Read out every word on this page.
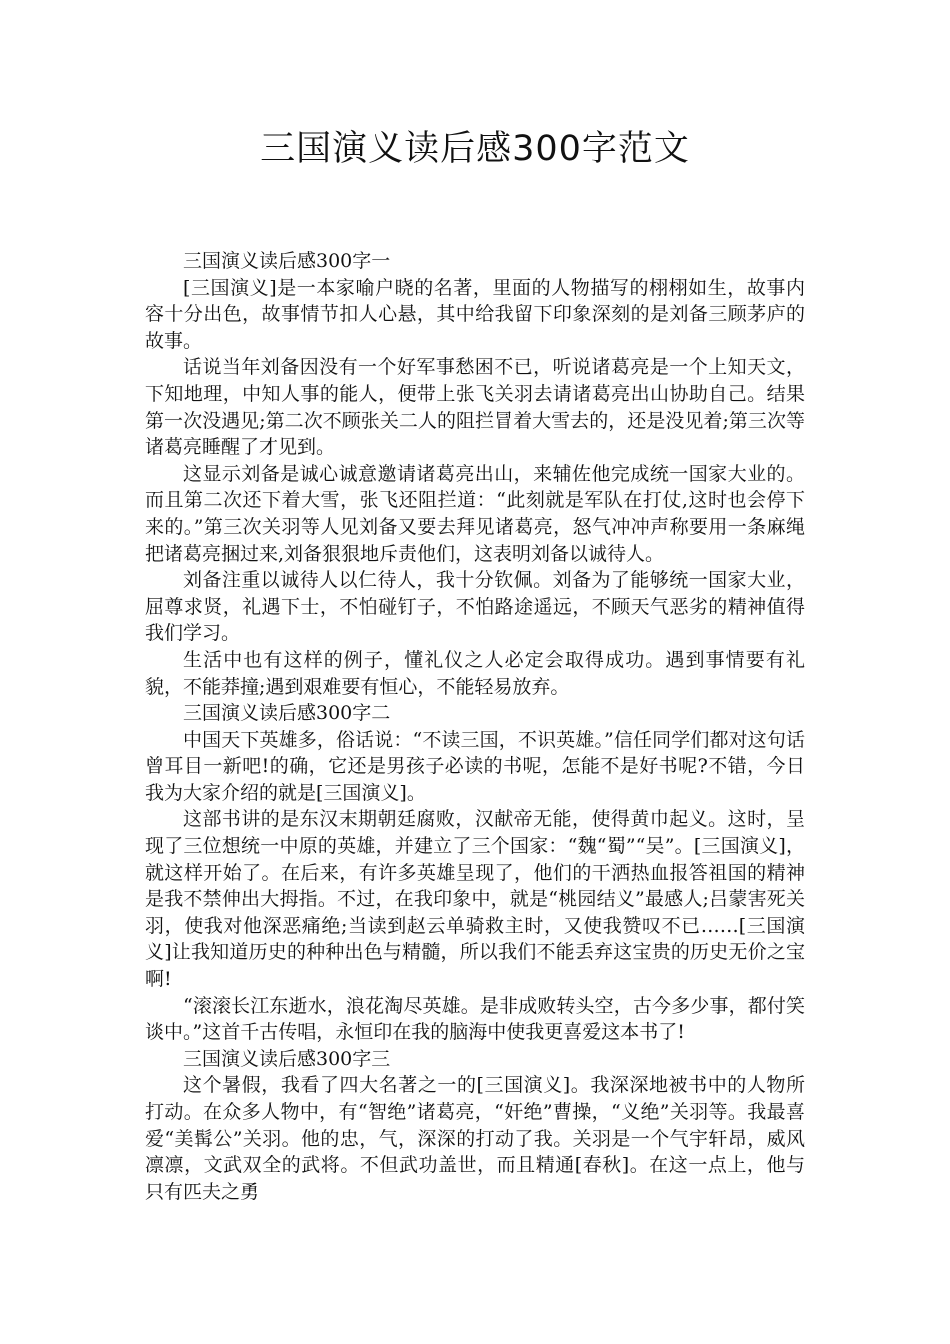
三国演义读后感300字范文

三国演义读后感300字一

[三国演义]是一本家喻户晓的名著，里面的人物描写的栩栩如生，故事内容十分出色，故事情节扣人心悬，其中给我留下印象深刻的是刘备三顾茅庐的故事。

话说当年刘备因没有一个好军事愁困不已，听说诸葛亮是一个上知天文，下知地理，中知人事的能人，便带上张飞关羽去请诸葛亮出山协助自己。结果第一次没遇见;第二次不顾张关二人的阻拦冒着大雪去的，还是没见着;第三次等诸葛亮睡醒了才见到。

这显示刘备是诚心诚意邀请诸葛亮出山，来辅佐他完成统一国家大业的。而且第二次还下着大雪，张飞还阻拦道：“此刻就是军队在打仗,这时也会停下来的。”第三次关羽等人见刘备又要去拜见诸葛亮，怒气冲冲声称要用一条麻绳把诸葛亮捆过来,刘备狠狠地斥责他们，这表明刘备以诚待人。

刘备注重以诚待人以仁待人，我十分钦佩。刘备为了能够统一国家大业，屈尊求贤，礼遇下士，不怕碰钉子，不怕路途遥远，不顾天气恶劣的精神值得我们学习。

生活中也有这样的例子，懂礼仪之人必定会取得成功。遇到事情要有礼貌，不能莽撞;遇到艰难要有恒心，不能轻易放弃。

三国演义读后感300字二

中国天下英雄多，俗话说：“不读三国，不识英雄。”信任同学们都对这句话曾耳目一新吧!的确，它还是男孩子必读的书呢，怎能不是好书呢?不错，今日我为大家介绍的就是[三国演义]。

这部书讲的是东汉末期朝廷腐败，汉献帝无能，使得黄巾起义。这时，呈现了三位想统一中原的英雄，并建立了三个国家：“魏“蜀”“吴”。[三国演义]，就这样开始了。在后来，有许多英雄呈现了，他们的干洒热血报答祖国的精神是我不禁伸出大拇指。不过，在我印象中，就是“桃园结义”最感人;吕蒙害死关羽，使我对他深恶痛绝;当读到赵云单骑救主时，又使我赞叹不已……[三国演义]让我知道历史的种种出色与精髓，所以我们不能丢弃这宝贵的历史无价之宝啊!

“滚滚长江东逝水，浪花淘尽英雄。是非成败转头空，古今多少事，都付笑谈中。”这首千古传唱，永恒印在我的脑海中使我更喜爱这本书了!

三国演义读后感300字三

这个暑假，我看了四大名著之一的[三国演义]。我深深地被书中的人物所打动。在众多人物中，有“智绝”诸葛亮，“奸绝”曹操，“义绝”关羽等。我最喜爱“美髯公”关羽。他的忠，气，深深的打动了我。关羽是一个气宇轩昂，威风凛凛，文武双全的武将。不但武功盖世，而且精通[春秋]。在这一点上，他与只有匹夫之勇
